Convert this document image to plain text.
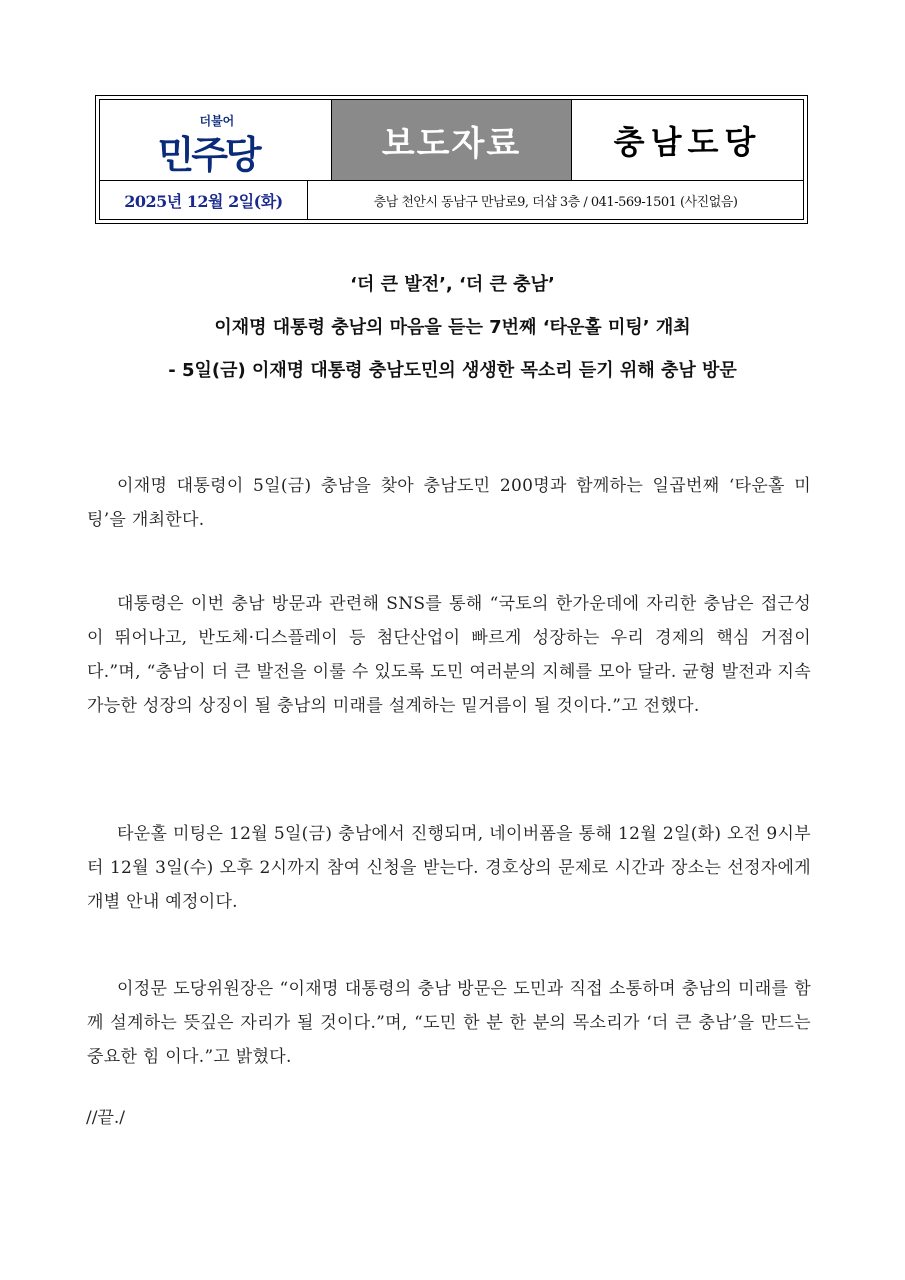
더불어
민주당	보도자료	충남도당
2025년 12월 2일(화)	충남 천안시 동남구 만남로9, 더샵 3층 / 041-569-1501 (사진없음)
‘더 큰 발전’, ‘더 큰 충남’
이재명 대통령 충남의 마음을 듣는 7번째 ‘타운홀 미팅’ 개최
- 5일(금) 이재명 대통령 충남도민의 생생한 목소리 듣기 위해 충남 방문

이재명 대통령이 5일(금) 충남을 찾아 충남도민 200명과 함께하는 일곱번째 ‘타운홀 미팅’을 개최한다.

대통령은 이번 충남 방문과 관련해 SNS를 통해 “국토의 한가운데에 자리한 충남은 접근성이 뛰어나고, 반도체·디스플레이 등 첨단산업이 빠르게 성장하는 우리 경제의 핵심 거점이다.”며, “충남이 더 큰 발전을 이룰 수 있도록 도민 여러분의 지혜를 모아 달라. 균형 발전과 지속 가능한 성장의 상징이 될 충남의 미래를 설계하는 밑거름이 될 것이다.”고 전했다.

타운홀 미팅은 12월 5일(금) 충남에서 진행되며, 네이버폼을 통해 12월 2일(화) 오전 9시부터 12월 3일(수) 오후 2시까지 참여 신청을 받는다. 경호상의 문제로 시간과 장소는 선정자에게 개별 안내 예정이다.

이정문 도당위원장은 “이재명 대통령의 충남 방문은 도민과 직접 소통하며 충남의 미래를 함께 설계하는 뜻깊은 자리가 될 것이다.”며, “도민 한 분 한 분의 목소리가 ‘더 큰 충남’을 만드는 중요한 힘 이다.”고 밝혔다.

//끝./
